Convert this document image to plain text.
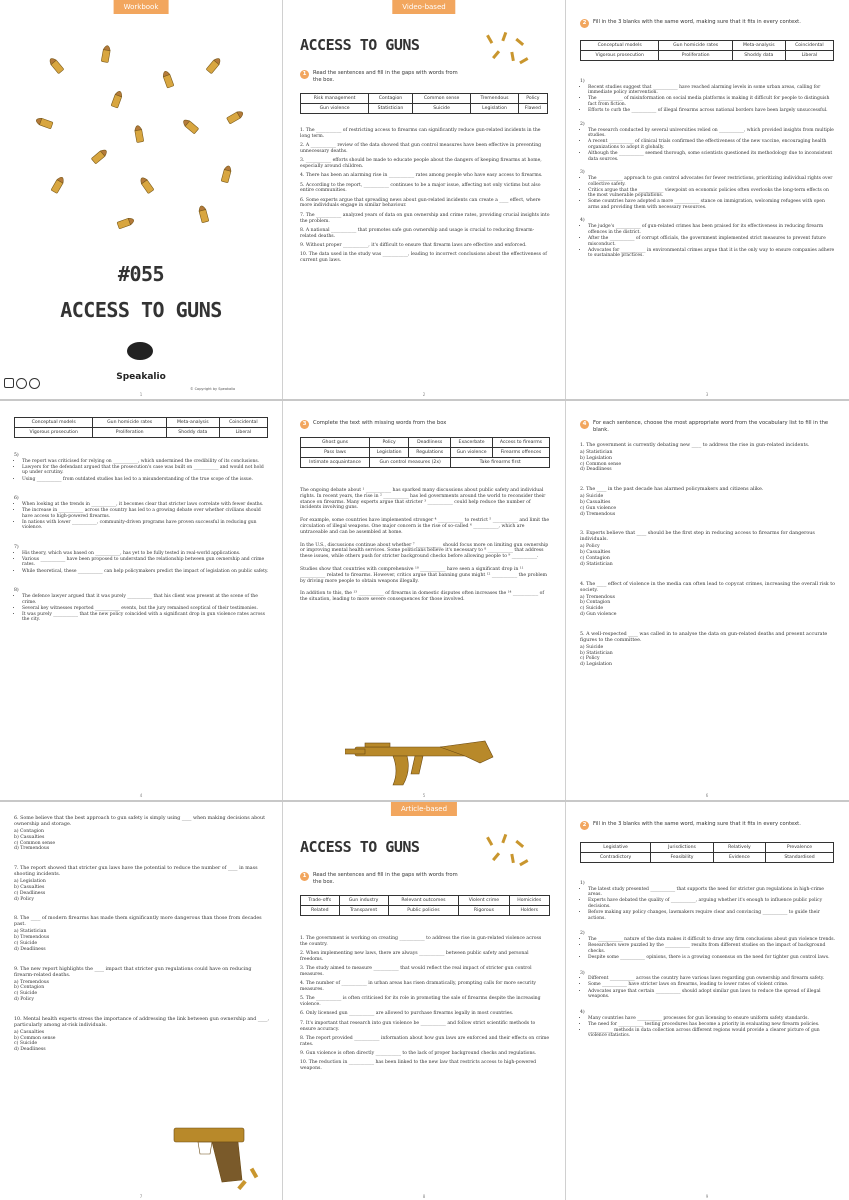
Workbook
#055
ACCESS TO GUNS
Speakalio
© Copyright by Speakalio
1
Video-based
ACCESS TO GUNS
1	Read the sentences and fill in the gaps with words from the box.
Risk management	Contagion	Common sense	Tremendous	Policy
Gun violence	Statistician	Suicide	Legislation	Flawed

1. The ___________ of restricting access to firearms can significantly reduce gun-related incidents in the long term.

2. A ___________ review of the data showed that gun control measures have been effective in preventing unnecessary deaths.

3. ___________ efforts should be made to educate people about the dangers of keeping firearms at home, especially around children.

4. There has been an alarming rise in ___________ rates among people who have easy access to firearms.

5. According to the report, ___________ continues to be a major issue, affecting not only victims but also entire communities.

6. Some experts argue that spreading news about gun-related incidents can create a ____ effect, where more individuals engage in similar behaviour.

7. The ___________ analyzed years of data on gun ownership and crime rates, providing crucial insights into the problem.

8. A national ___________ that promotes safe gun ownership and usage is crucial to reducing firearm-related deaths.

9. Without proper ___________, it's difficult to ensure that firearm laws are effective and enforced.

10. The data used in the study was ___________, leading to incorrect conclusions about the effectiveness of current gun laws.

2
2	Fill in the 3 blanks with the same word, making sure that it fits in every context.
Conceptual models	Gun homicide rates	Meta-analysis	Coincidental
Vigorous prosecution	Proliferation	Shoddy data	Liberal
1)
• Recent studies suggest that ___________ have reached alarming levels in some urban areas, calling for immediate policy intervention.
• The ___________ of misinformation on social media platforms is making it difficult for people to distinguish fact from fiction.
• Efforts to curb the ___________ of illegal firearms across national borders have been largely unsuccessful.
2)
• The research conducted by several universities relied on ___________, which provided insights from multiple studies.
• A recent ___________ of clinical trials confirmed the effectiveness of the new vaccine, encouraging health organizations to adopt it globally.
• Although the ___________ seemed thorough, some scientists questioned its methodology due to inconsistent data sources.
3)
• The ___________ approach to gun control advocates for fewer restrictions, prioritizing individual rights over collective safety.
• Critics argue that the ___________ viewpoint on economic policies often overlooks the long-term effects on the most vulnerable populations.
• Some countries have adopted a more ___________ stance on immigration, welcoming refugees with open arms and providing them with necessary resources.
4)
• The judge's ___________ of gun-related crimes has been praised for its effectiveness in reducing firearm offences in the district.
• After the ___________ of corrupt officials, the government implemented strict measures to prevent future misconduct.
• Advocates for ___________ in environmental crimes argue that it is the only way to ensure companies adhere to sustainable practices.
3
Conceptual models	Gun homicide rates	Meta-analysis	Coincidental
Vigorous prosecution	Proliferation	Shoddy data	Liberal
5)
• The report was criticised for relying on ___________, which undermined the credibility of its conclusions.
• Lawyers for the defendant argued that the prosecution's case was built on ___________ and would not hold up under scrutiny.
• Using ___________ from outdated studies has led to a misunderstanding of the true scope of the issue.
6)
• When looking at the trends in ___________, it becomes clear that stricter laws correlate with fewer deaths.
• The increase in ___________ across the country has led to a growing debate over whether civilians should have access to high-powered firearms.
• In nations with lower ___________, community-driven programs have proven successful in reducing gun violence.
7)
• His theory, which was based on ___________, has yet to be fully tested in real-world applications.
• Various ___________ have been proposed to understand the relationship between gun ownership and crime rates.
• While theoretical, these ___________ can help policymakers predict the impact of legislation on public safety.
8)
• The defence lawyer argued that it was purely ___________ that his client was present at the scene of the crime.
• Several key witnesses reported ___________ events, but the jury remained sceptical of their testimonies.
• It was purely ___________ that the new policy coincided with a significant drop in gun violence rates across the city.
4
3	Complete the text with missing words from the box
Ghost guns	Policy	Deadliness	Exacerbate	Access to firearms
Pass laws	Legislation	Regulations	Gun violence	Firearms offences
Intimate acquaintance	Gun control measures (2x)		Take firearms first	

The ongoing debate about ¹ ___________ has sparked many discussions about public safety and individual rights. In recent years, the rise in ² ___________ has led governments around the world to reconsider their stance on firearms. Many experts argue that stricter ³ ___________ could help reduce the number of incidents involving guns.

For example, some countries have implemented stronger ⁴ ___________ to restrict ⁵ ___________ and limit the circulation of illegal weapons. One major concern is the rise of so-called ⁶ ___________, which are untraceable and can be assembled at home.

In the U.S., discussions continue about whether ⁷ ___________ should focus more on limiting gun ownership or improving mental health services. Some politicians believe it's necessary to ⁸ ___________ that address these issues, while others push for stricter background checks before allowing people to ⁹ ___________.

Studies show that countries with comprehensive ¹⁰ ___________ have seen a significant drop in ¹¹ ___________ related to firearms. However, critics argue that banning guns might ¹² ___________ the problem by driving more people to obtain weapons illegally.

In addition to this, the ¹³ ___________ of firearms in domestic disputes often increases the ¹⁴ ___________ of the situation, leading to more severe consequences for those involved.

5
4	For each sentence, choose the most appropriate word from the vocabulary list to fill in the blank.
1. The government is currently debating new ____ to address the rise in gun-related incidents.
a) Statistician
b) Legislation
c) Common sense
d) Deadliness
2. The ____ in the past decade has alarmed policymakers and citizens alike.
a) Suicide
b) Casualties
c) Gun violence
d) Tremendous
3. Experts believe that ____ should be the first step in reducing access to firearms for dangerous individuals.
a) Policy
b) Casualties
c) Contagion
d) Statistician
4. The ____ effect of violence in the media can often lead to copycat crimes, increasing the overall risk to society.
a) Tremendous
b) Contagion
c) Suicide
d) Gun violence
5. A well-respected ____ was called in to analyse the data on gun-related deaths and present accurate figures to the committee.
a) Suicide
b) Statistician
c) Policy
d) Legislation
6
6. Some believe that the best approach to gun safety is simply using ____ when making decisions about ownership and storage.
a) Contagion
b) Casualties
c) Common sense
d) Tremendous
7. The report showed that stricter gun laws have the potential to reduce the number of ____ in mass shooting incidents.
a) Legislation
b) Casualties
c) Deadliness
d) Policy
8. The ____ of modern firearms has made them significantly more dangerous than those from decades past.
a) Statistician
b) Tremendous
c) Suicide
d) Deadliness
9. The new report highlights the ____ impact that stricter gun regulations could have on reducing firearm-related deaths.
a) Tremendous
b) Contagion
c) Suicide
d) Policy
10. Mental health experts stress the importance of addressing the link between gun ownership and ____, particularly among at-risk individuals.
a) Casualties
b) Common sense
c) Suicide
d) Deadliness
7
Article-based
ACCESS TO GUNS
1	Read the sentences and fill in the gaps with words from the box.
Trade-offs	Gun industry	Relevant outcomes	Violent crime	Homicides
Related	Transparent	Public policies	Rigorous	Holders

1. The government is working on creating ___________ to address the rise in gun-related violence across the country.

2. When implementing new laws, there are always ___________ between public safety and personal freedoms.

3. The study aimed to measure ___________ that would reflect the real impact of stricter gun control measures.

4. The number of ___________ in urban areas has risen dramatically, prompting calls for more security measures.

5. The ___________ is often criticised for its role in promoting the sale of firearms despite the increasing violence.

6. Only licensed gun ___________ are allowed to purchase firearms legally in most countries.

7. It's important that research into gun violence be ___________ and follow strict scientific methods to ensure accuracy.

8. The report provided ___________ information about how gun laws are enforced and their effects on crime rates.

9. Gun violence is often directly ___________ to the lack of proper background checks and regulations.

10. The reduction in ___________ has been linked to the new law that restricts access to high-powered weapons.

8
2	Fill in the 3 blanks with the same word, making sure that it fits in every context.
Legislative	Jurisdictions	Relatively	Prevalence
Contradictory	Feasibility	Evidence	Standardised
1)
• The latest study presented ___________ that supports the need for stricter gun regulations in high-crime areas.
• Experts have debated the quality of ___________, arguing whether it's enough to influence public policy decisions.
• Before making any policy changes, lawmakers require clear and convincing ___________ to guide their actions.
2)
• The ___________ nature of the data makes it difficult to draw any firm conclusions about gun violence trends.
• Researchers were puzzled by the ___________ results from different studies on the impact of background checks.
• Despite some ___________ opinions, there is a growing consensus on the need for tighter gun control laws.
3)
• Different ___________ across the country have various laws regarding gun ownership and firearm safety.
• Some ___________ have stricter laws on firearms, leading to lower rates of violent crime.
• Advocates argue that certain ___________ should adopt similar gun laws to reduce the spread of illegal weapons.
4)
• Many countries have ___________ processes for gun licensing to ensure uniform safety standards.
• The need for ___________ testing procedures has become a priority in evaluating new firearm policies.
• ___________ methods in data collection across different regions would provide a clearer picture of gun violence statistics.
9
